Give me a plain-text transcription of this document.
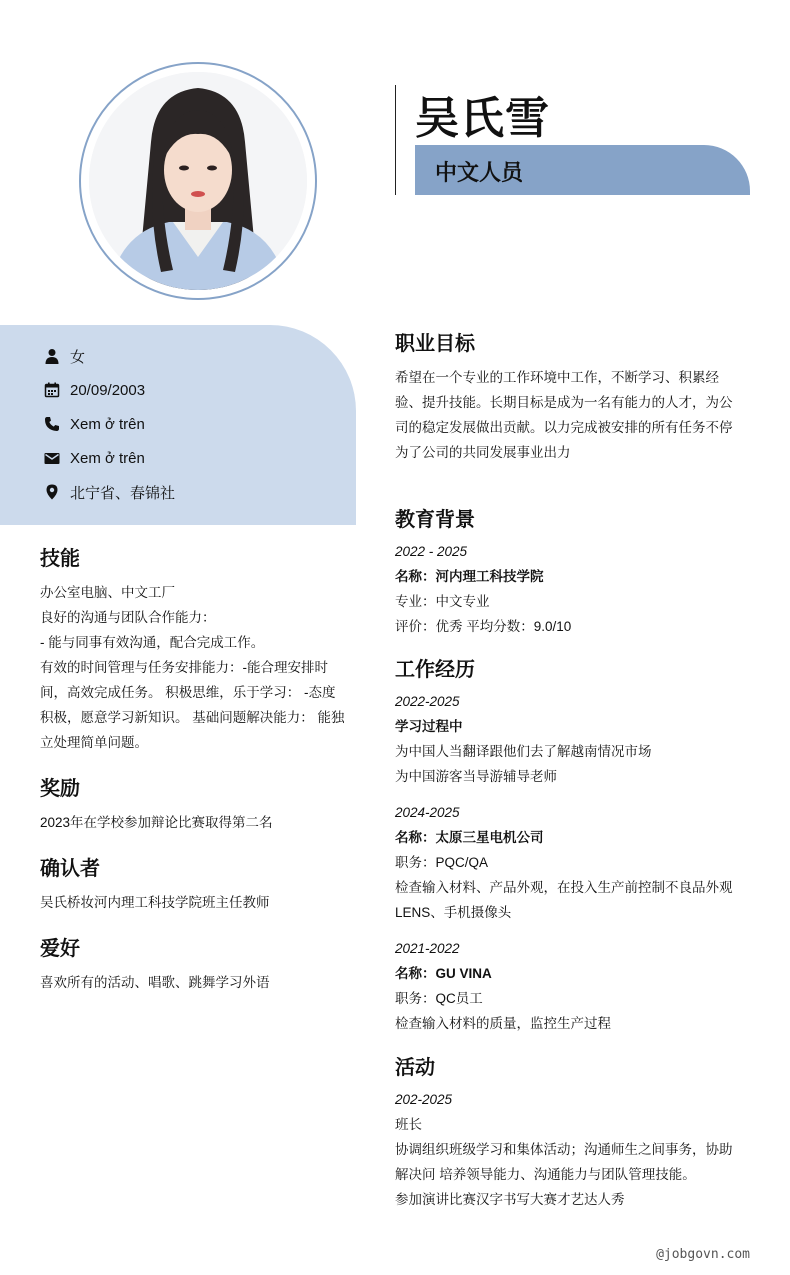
吴氏雪
中文人员
女
20/09/2003
Xem ở trên
Xem ở trên
北宁省、春锦社
技能
办公室电脑、中文工厂
良好的沟通与团队合作能力：
- 能与同事有效沟通，配合完成工作。
有效的时间管理与任务安排能力：-能合理安排时
间，高效完成任务。 积极思维，乐于学习： -态度
积极，愿意学习新知识。 基础问题解决能力： 能独
立处理简单问题。
奖励
2023年在学校参加辩论比赛取得第二名
确认者
吴氏桥妆河内理工科技学院班主任教师
爱好
喜欢所有的活动、唱歌、跳舞学习外语
职业目标
希望在一个专业的工作环境中工作，不断学习、积累经
验、提升技能。长期目标是成为一名有能力的人才，为公
司的稳定发展做出贡献。以力完成被安排的所有任务不停
为了公司的共同发展事业出力
教育背景
2022 - 2025
名称：河内理工科技学院
专业：中文专业
评价：优秀 平均分数：9.0/10
工作经历
2022-2025
学习过程中
为中国人当翻译跟他们去了解越南情况市场
为中国游客当导游辅导老师
2024-2025
名称：太原三星电机公司
职务：PQC/QA
检查输入材料、产品外观，在投入生产前控制不良品外观
LENS、手机摄像头
2021-2022
名称：GU VINA
职务：QC员工
检查输入材料的质量，监控生产过程
活动
202-2025
班长
协调组织班级学习和集体活动；沟通师生之间事务，协助
解决问 培养领导能力、沟通能力与团队管理技能。
参加演讲比赛汉字书写大赛才艺达人秀
@jobgovn.com
